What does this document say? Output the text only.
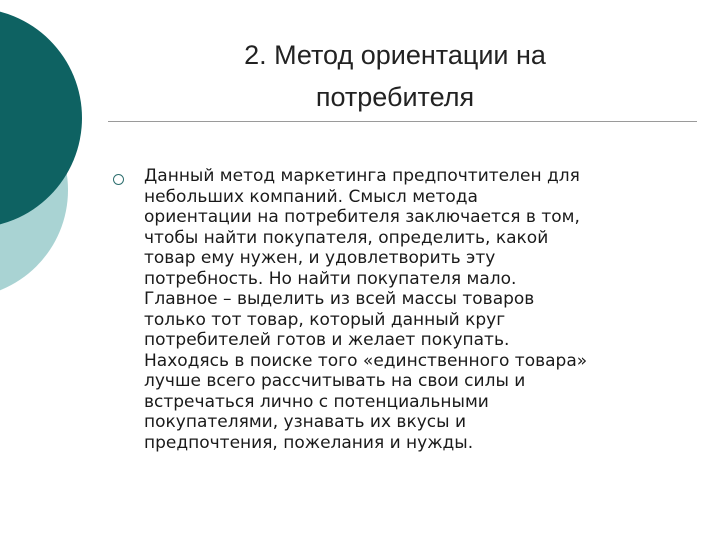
2. Метод ориентации на
потребителя
Данный метод маркетинга предпочтителен для
небольших компаний. Смысл метода
ориентации на потребителя заключается в том,
чтобы найти покупателя, определить, какой
товар ему нужен, и удовлетворить эту
потребность. Но найти покупателя мало.
Главное – выделить из всей массы товаров
только тот товар, который данный круг
потребителей готов и желает покупать.
Находясь в поиске того «единственного товара»
лучше всего рассчитывать на свои силы и
встречаться лично с потенциальными
покупателями, узнавать их вкусы и
предпочтения, пожелания и нужды.
